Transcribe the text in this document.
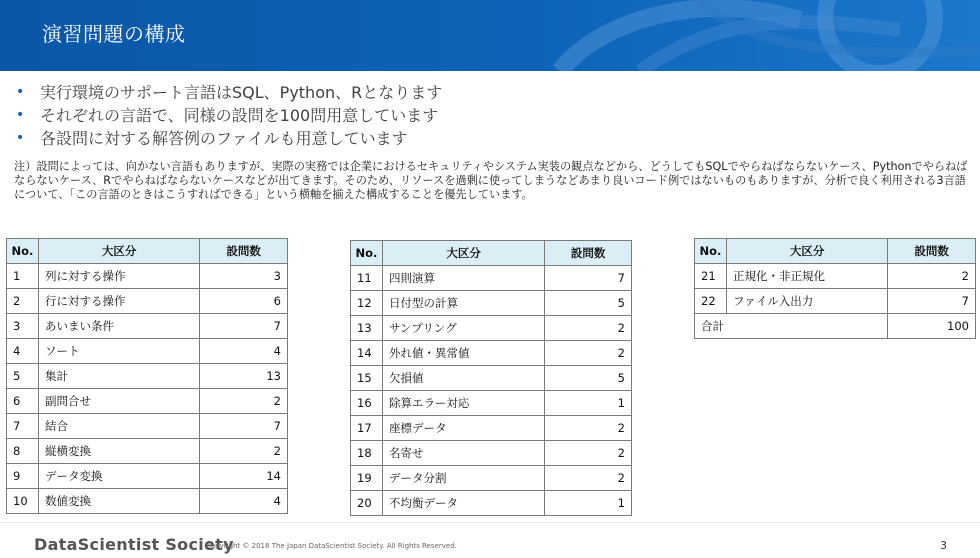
演習問題の構成
• 実行環境のサポート言語はSQL、Python、Rとなります
• それぞれの言語で、同様の設問を100問用意しています
• 各設問に対する解答例のファイルも用意しています
注）設問によっては、向かない言語もありますが、実際の実務では企業におけるセキュリティやシステム実装の観点などから、どうしてもSQLでやらねばならないケース、Pythonでやらねばならないケース、Rでやらねばならないケースなどが出てきます。そのため、リソースを過剰に使ってしまうなどあまり良いコード例ではないものもありますが、分析で良く利用される3言語について、「この言語のときはこうすればできる」という横軸を揃えた構成することを優先しています。
No.	大区分	設問数
1	列に対する操作	3
2	行に対する操作	6
3	あいまい条件	7
4	ソート	4
5	集計	13
6	副問合せ	2
7	結合	7
8	縦横変換	2
9	データ変換	14
10	数値変換	4
No.	大区分	設問数
11	四則演算	7
12	日付型の計算	5
13	サンプリング	2
14	外れ値・異常値	2
15	欠損値	5
16	除算エラー対応	1
17	座標データ	2
18	名寄せ	2
19	データ分割	2
20	不均衡データ	1
No.	大区分	設問数
21	正規化・非正規化	2
22	ファイル入出力	7
合計		100
DataScientist Society
Copyright © 2018 The Japan DataScientist Society. All Rights Reserved.	3
